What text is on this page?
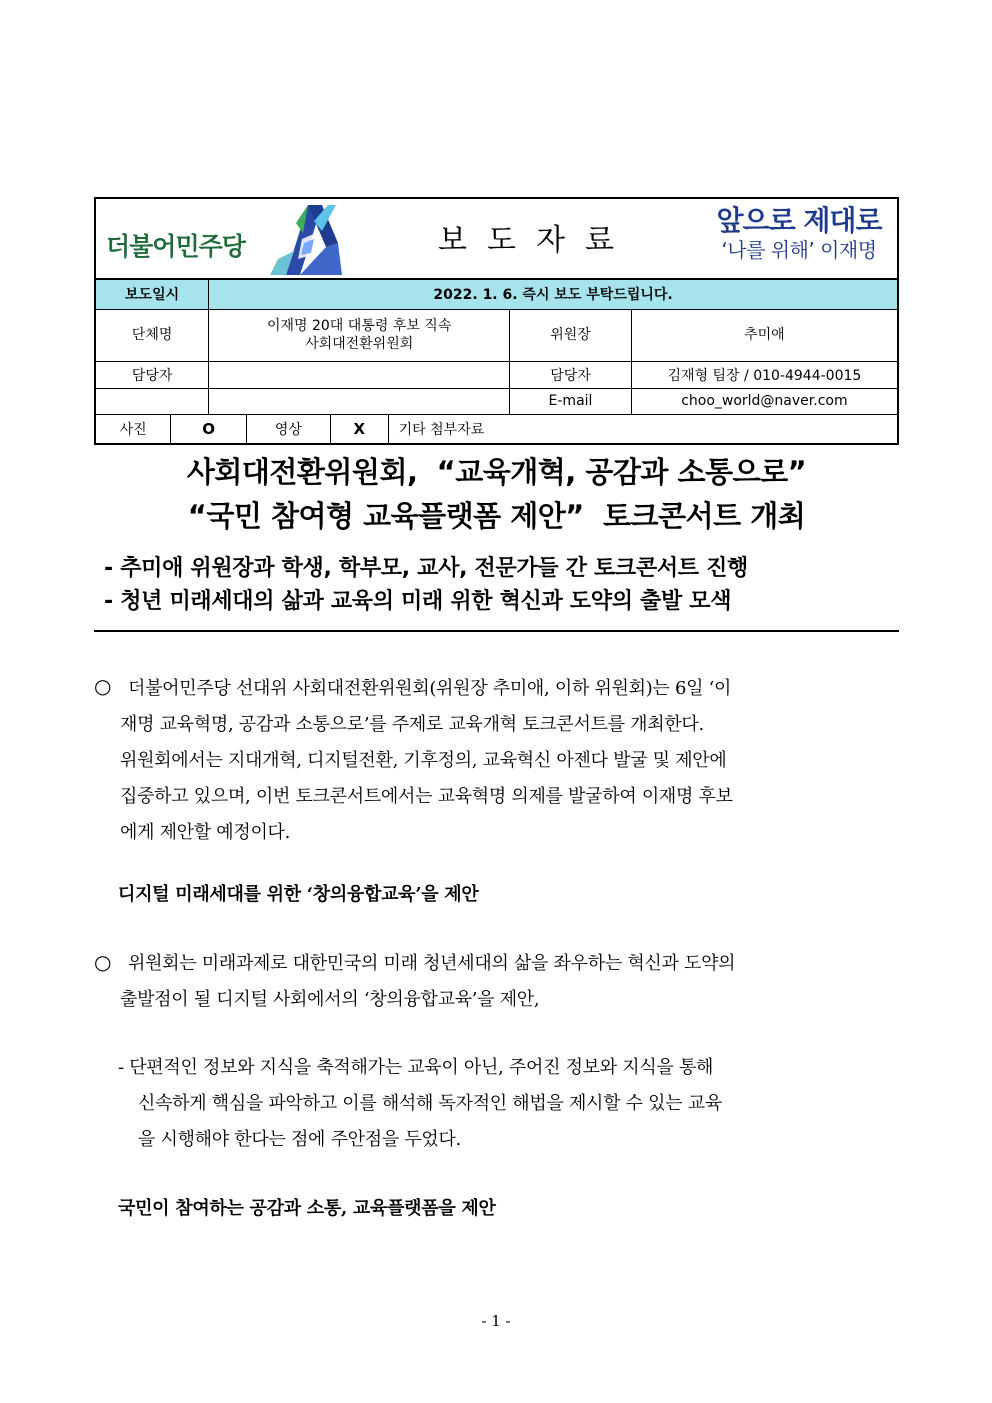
더불어민주당	보도자료
앞으로 제대로
‘나를 위해’ 이재명
보도일시		2022. 1. 6. 즉시 보도 부탁드립니다.					
단체명		이재명 20대 대통령 후보 직속
사회대전환위원회				위원장	추미애
담당자						담당자	김재형 팀장 / 010-4944-0015
						E-mail	choo_world@naver.com
사진	O		영상	X	기타 첨부자료		
사회대전환위원회,  “교육개혁, 공감과 소통으로”
“국민 참여형 교육플랫폼 제안”  토크콘서트 개최
- 추미애 위원장과 학생, 학부모, 교사, 전문가들 간 토크콘서트 진행
- 청년 미래세대의 삶과 교육의 미래 위한 혁신과 도약의 출발 모색
○ 더불어민주당 선대위 사회대전환위원회(위원장 추미애, 이하 위원회)는 6일 ‘이
재명 교육혁명, 공감과 소통으로’를 주제로 교육개혁 토크콘서트를 개최한다.
위원회에서는 지대개혁, 디지털전환, 기후정의, 교육혁신 아젠다 발굴 및 제안에
집중하고 있으며, 이번 토크콘서트에서는 교육혁명 의제를 발굴하여 이재명 후보
에게 제안할 예정이다.
디지털 미래세대를 위한 ‘창의융합교육’을 제안
○ 위원회는 미래과제로 대한민국의 미래 청년세대의 삶을 좌우하는 혁신과 도약의
출발점이 될 디지털 사회에서의 ‘창의융합교육’을 제안,
- 단편적인 정보와 지식을 축적해가는 교육이 아닌, 주어진 정보와 지식을 통해
신속하게 핵심을 파악하고 이를 해석해 독자적인 해법을 제시할 수 있는 교육
을 시행해야 한다는 점에 주안점을 두었다.
국민이 참여하는 공감과 소통, 교육플랫폼을 제안
- 1 -
